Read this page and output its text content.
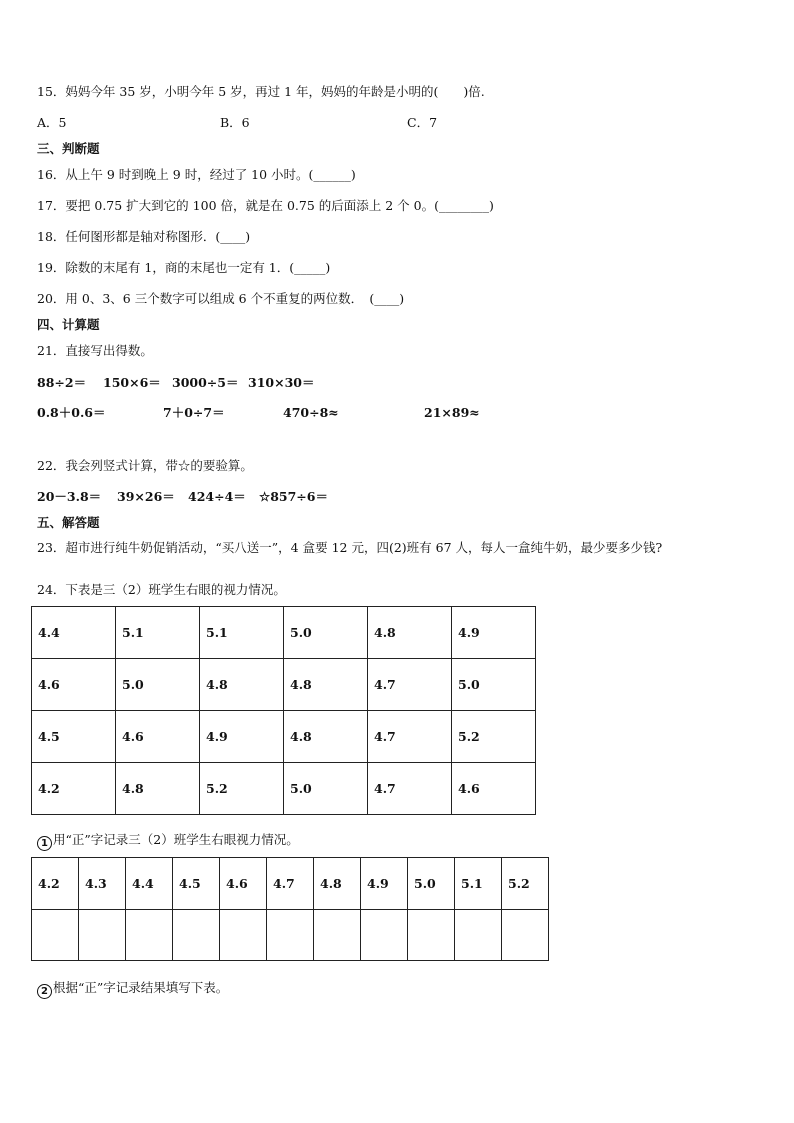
15．妈妈今年 35 岁，小明今年 5 岁，再过 1 年，妈妈的年龄是小明的(　　)倍.
A．5	B．6	C．7
三、判断题
16．从上午 9 时到晚上 9 时，经过了 10 小时。(______)
17．要把 0.75 扩大到它的 100 倍，就是在 0.75 的后面添上 2 个 0。(________)
18．任何图形都是轴对称图形．(____)
19．除数的末尾有 1，商的末尾也一定有 1．(_____)
20．用 0、3、6 三个数字可以组成 6 个不重复的两位数．　(____)
四、计算题
21．直接写出得数。
88÷2＝ 150×6＝ 3000÷5＝ 310×30＝
0.8＋0.6＝	7＋0÷7＝	470÷8≈	21×89≈
22．我会列竖式计算，带☆的要验算。
20－3.8＝ 39×26＝ 424÷4＝ ☆857÷6＝
五、解答题
23．超市进行纯牛奶促销活动，“买八送一”，4 盒要 12 元，四(2)班有 67 人，每人一盒纯牛奶，最少要多少钱?
24．下表是三（2）班学生右眼的视力情况。
4.4	5.1	5.1	5.0	4.8	4.9
4.6	5.0	4.8	4.8	4.7	5.0
4.5	4.6	4.9	4.8	4.7	5.2
4.2	4.8	5.2	5.0	4.7	4.6
1 用“正”字记录三（2）班学生右眼视力情况。
4.2	4.3	4.4	4.5	4.6	4.7	4.8	4.9	5.0	5.1	5.2

2 根据“正”字记录结果填写下表。
